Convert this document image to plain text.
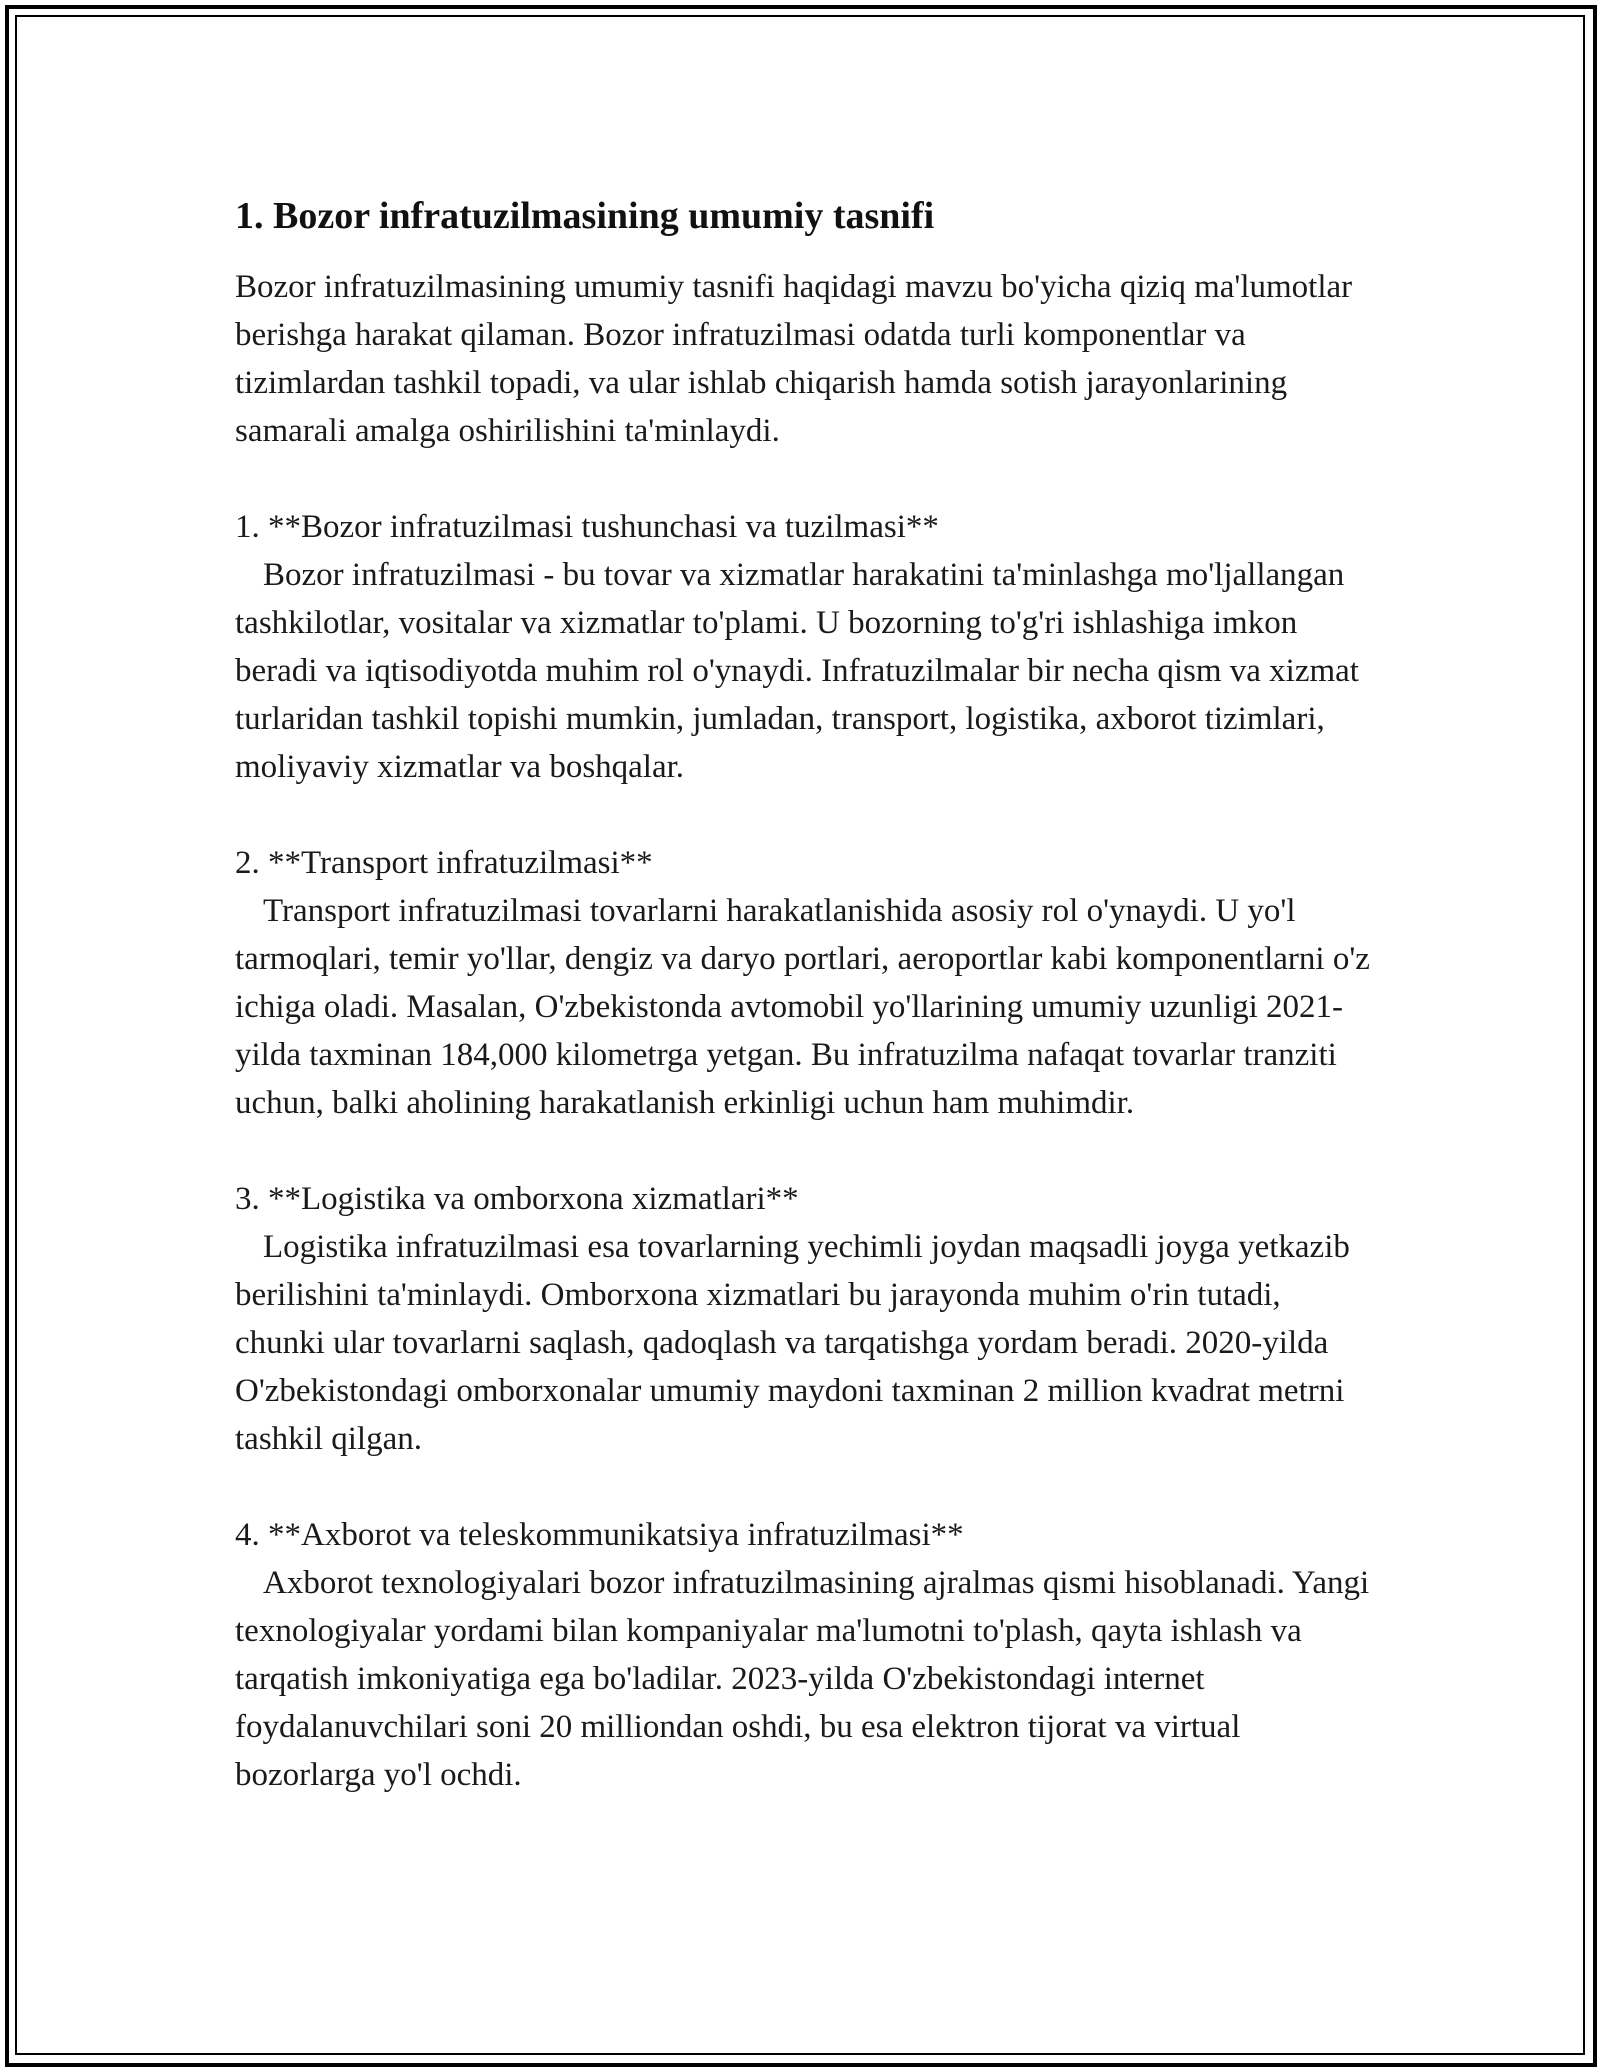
1. Bozor infratuzilmasining umumiy tasnifi

Bozor infratuzilmasining umumiy tasnifi haqidagi mavzu bo'yicha qiziq ma'lumotlar berishga harakat qilaman. Bozor infratuzilmasi odatda turli komponentlar va tizimlardan tashkil topadi, va ular ishlab chiqarish hamda sotish jarayonlarining samarali amalga oshirilishini ta'minlaydi.

1. **Bozor infratuzilmasi tushunchasi va tuzilmasi**

Bozor infratuzilmasi - bu tovar va xizmatlar harakatini ta'minlashga mo'ljallangan tashkilotlar, vositalar va xizmatlar to'plami. U bozorning to'g'ri ishlashiga imkon beradi va iqtisodiyotda muhim rol o'ynaydi. Infratuzilmalar bir necha qism va xizmat turlaridan tashkil topishi mumkin, jumladan, transport, logistika, axborot tizimlari, moliyaviy xizmatlar va boshqalar.

2. **Transport infratuzilmasi**

Transport infratuzilmasi tovarlarni harakatlanishida asosiy rol o'ynaydi. U yo'l tarmoqlari, temir yo'llar, dengiz va daryo portlari, aeroportlar kabi komponentlarni o'z ichiga oladi. Masalan, O'zbekistonda avtomobil yo'llarining umumiy uzunligi 2021-yilda taxminan 184,000 kilometrga yetgan. Bu infratuzilma nafaqat tovarlar tranziti uchun, balki aholining harakatlanish erkinligi uchun ham muhimdir.

3. **Logistika va omborxona xizmatlari**

Logistika infratuzilmasi esa tovarlarning yechimli joydan maqsadli joyga yetkazib berilishini ta'minlaydi. Omborxona xizmatlari bu jarayonda muhim o'rin tutadi, chunki ular tovarlarni saqlash, qadoqlash va tarqatishga yordam beradi. 2020-yilda O'zbekistondagi omborxonalar umumiy maydoni taxminan 2 million kvadrat metrni tashkil qilgan.

4. **Axborot va teleskommunikatsiya infratuzilmasi**

Axborot texnologiyalari bozor infratuzilmasining ajralmas qismi hisoblanadi. Yangi texnologiyalar yordami bilan kompaniyalar ma'lumotni to'plash, qayta ishlash va tarqatish imkoniyatiga ega bo'ladilar. 2023-yilda O'zbekistondagi internet foydalanuvchilari soni 20 milliondan oshdi, bu esa elektron tijorat va virtual bozorlarga yo'l ochdi.
